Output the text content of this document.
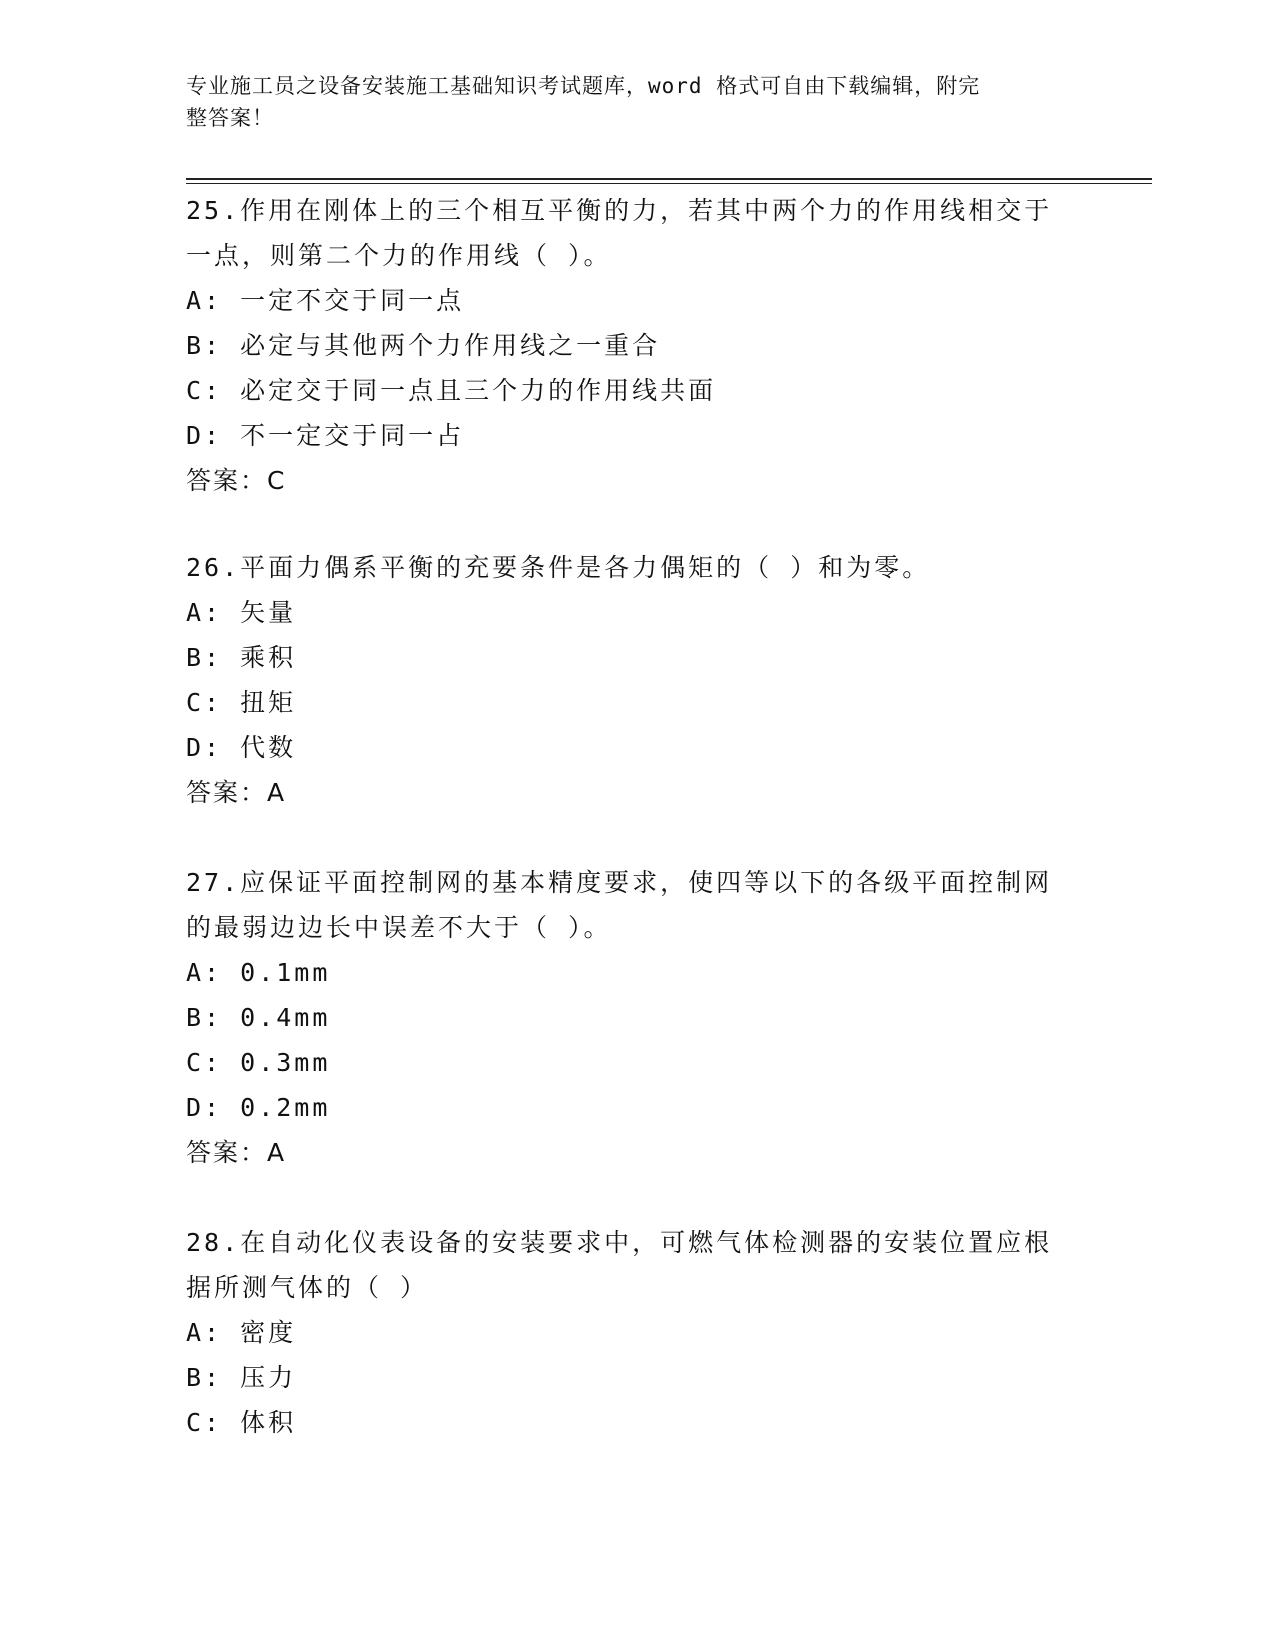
专业施工员之设备安装施工基础知识考试题库，word 格式可自由下载编辑，附完
整答案！
25.作用在刚体上的三个相互平衡的力，若其中两个力的作用线相交于
一点，则第二个力的作用线（ ）。
A: 一定不交于同一点
B: 必定与其他两个力作用线之一重合
C: 必定交于同一点且三个力的作用线共面
D: 不一定交于同一占
答案：C
26.平面力偶系平衡的充要条件是各力偶矩的（ ）和为零。
A: 矢量
B: 乘积
C: 扭矩
D: 代数
答案：A
27.应保证平面控制网的基本精度要求，使四等以下的各级平面控制网
的最弱边边长中误差不大于（ ）。
A: 0.1mm
B: 0.4mm
C: 0.3mm
D: 0.2mm
答案：A
28.在自动化仪表设备的安装要求中，可燃气体检测器的安装位置应根
据所测气体的（ ）
A: 密度
B: 压力
C: 体积
